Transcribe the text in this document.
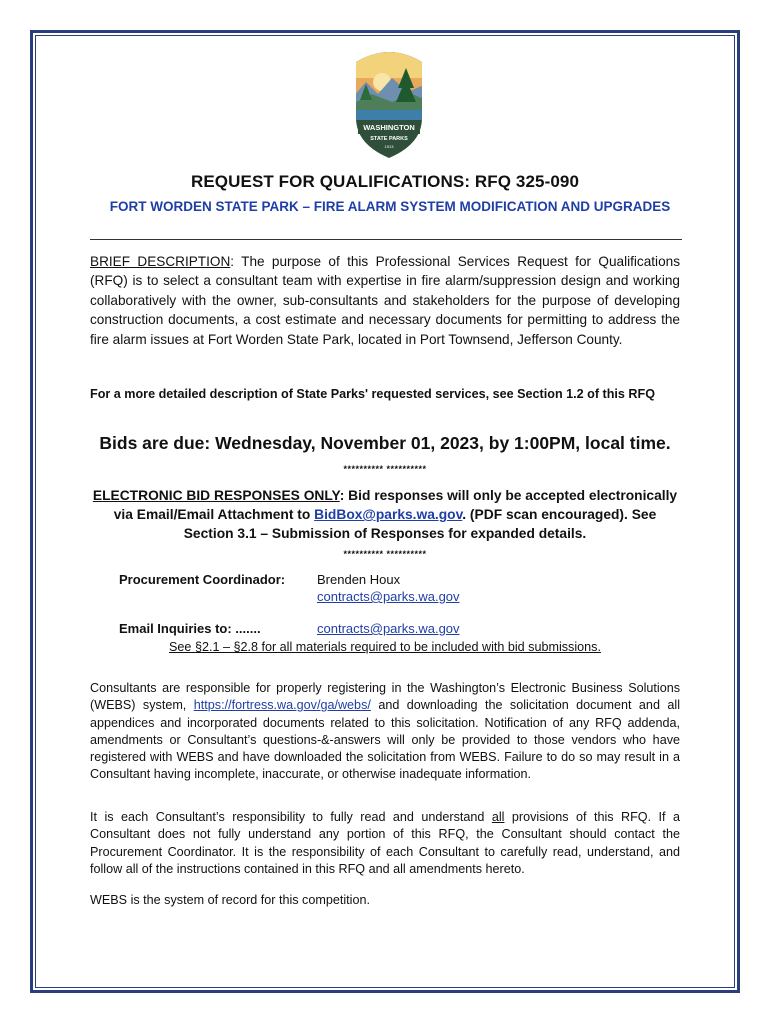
WASHINGTON
STATE PARKS
1913
REQUEST FOR QUALIFICATIONS: RFQ 325-090
FORT WORDEN STATE PARK – FIRE ALARM SYSTEM MODIFICATION AND UPGRADES
BRIEF DESCRIPTION: The purpose of this Professional Services Request for Qualifications (RFQ) is to select a consultant team with expertise in fire alarm/suppression design and working collaboratively with the owner, sub-consultants and stakeholders for the purpose of developing construction documents, a cost estimate and necessary documents for permitting to address the fire alarm issues at Fort Worden State Park, located in Port Townsend, Jefferson County.
For a more detailed description of State Parks' requested services, see Section 1.2 of this RFQ
Bids are due: Wednesday, November 01, 2023, by 1:00PM, local time.
********** **********
ELECTRONIC BID RESPONSES ONLY: Bid responses will only be accepted electronically via Email/Email Attachment to BidBox@parks.wa.gov. (PDF scan encouraged). See Section 3.1 – Submission of Responses for expanded details.
********** **********
Procurement Coordinador: Brenden Houx
contracts@parks.wa.gov
Email Inquiries to: .......	contracts@parks.wa.gov
See §2.1 – §2.8 for all materials required to be included with bid submissions.
Consultants are responsible for properly registering in the Washington’s Electronic Business Solutions (WEBS) system, https://fortress.wa.gov/ga/webs/ and downloading the solicitation document and all appendices and incorporated documents related to this solicitation. Notification of any RFQ addenda, amendments or Consultant’s questions-&-answers will only be provided to those vendors who have registered with WEBS and have downloaded the solicitation from WEBS. Failure to do so may result in a Consultant having incomplete, inaccurate, or otherwise inadequate information.
It is each Consultant’s responsibility to fully read and understand all provisions of this RFQ. If a Consultant does not fully understand any portion of this RFQ, the Consultant should contact the Procurement Coordinator. It is the responsibility of each Consultant to carefully read, understand, and follow all of the instructions contained in this RFQ and all amendments hereto.
WEBS is the system of record for this competition.
